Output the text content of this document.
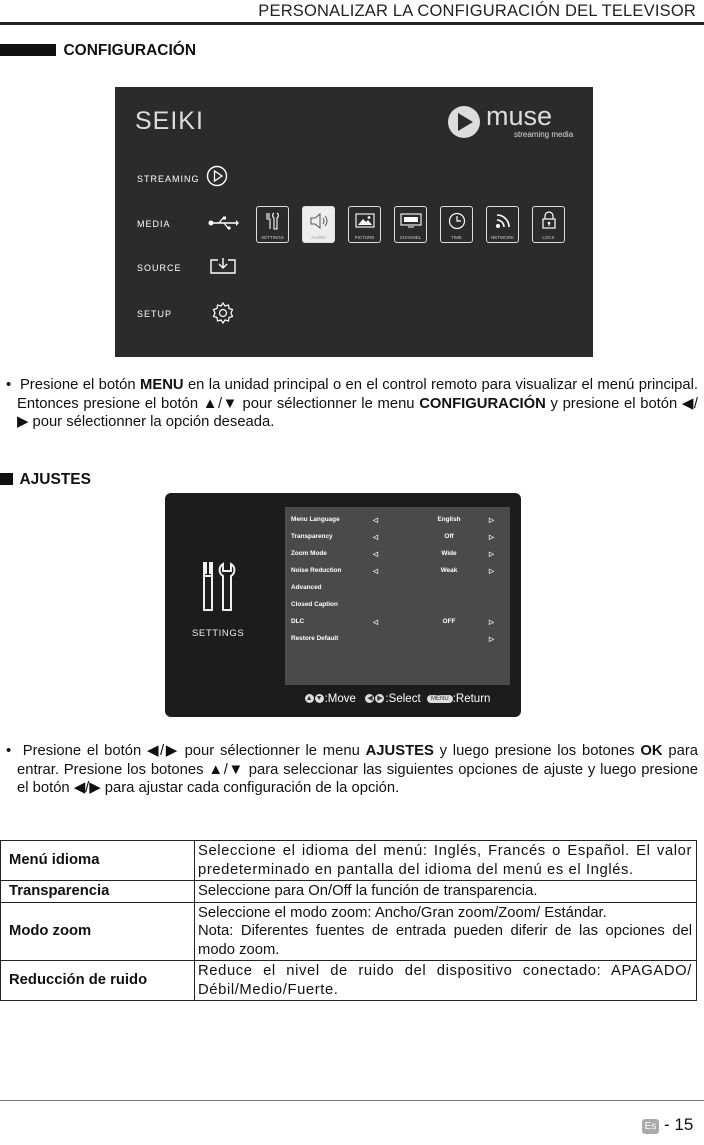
PERSONALIZAR LA CONFIGURACIÓN DEL TELEVISOR
CONFIGURACIÓN
SEIKI	muse
streaming media
STREAMING
MEDIA
SETTINGS	AUDIO	PICTURE	CHANNEL	TIME	NETWORK	LOCK
SOURCE
SETUP

•  Presione el botón MENU en la unidad principal o en el control remoto para visualizar el menú principal. Entonces presione el botón ▲/▼ pour sélectionner le menu CONFIGURACIÓN y presione el botón ◀/▶ pour sélectionner la opción deseada.

AJUSTES
SETTINGS
Menu Language	◁	English	▷
Transparency	◁	Off	▷
Zoom Mode	◁	Wide	▷
Noise Reduction	◁	Weak	▷
Advanced
Closed Caption
DLC	◁	OFF	▷
Restore Default	▷
▲ ▼ :Move ◀ ▶ :Select MENU :Return

•  Presione el botón ◀/▶ pour sélectionner le menu AJUSTES y luego presione los botones OK para entrar. Presione los botones ▲/▼ para seleccionar las siguientes opciones de ajuste y luego presione el botón ◀/▶ para ajustar cada configuración de la opción.

Menú idioma	Seleccione el idioma del menú: Inglés, Francés o Español. El valor predeterminado en pantalla del idioma del menú es el Inglés.
Transparencia	Seleccione para On/Off la función de transparencia.
Modo zoom	Seleccione el modo zoom: Ancho/Gran zoom/Zoom/ Estándar.
Nota: Diferentes fuentes de entrada pueden diferir de las opciones del modo zoom.
Reducción de ruido	Reduce el nivel de ruido del dispositivo conectado: APAGADO/ Débil/Medio/Fuerte.
Es - 15
